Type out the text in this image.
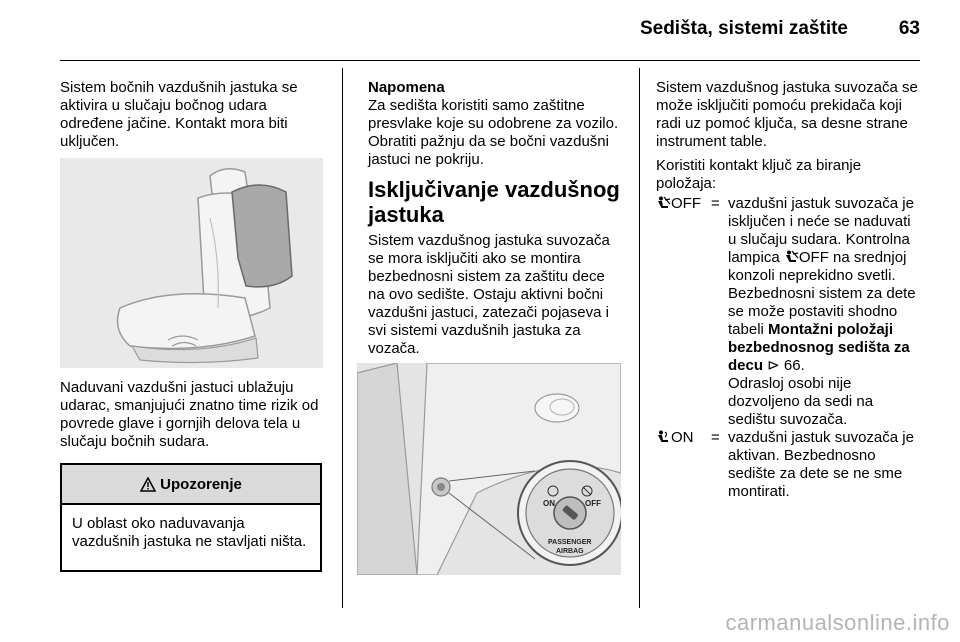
Sedišta, sistemi zaštite	63

Sistem bočnih vazdušnih jastuka se aktivira u slučaju bočnog udara određene jačine. Kontakt mora biti uključen.

Naduvani vazdušni jastuci ublažuju udarac, smanjujući znatno time rizik od povrede glave i gornjih delova tela u slučaju bočnih sudara.

Upozorenje
U oblast oko naduvavanja vazdušnih jastuka ne stavljati ništa.

Napomena

Za sedišta koristiti samo zaštitne presvlake koje su odobrene za vozilo. Obratiti pažnju da se bočni vazdušni jastuci ne pokriju.

Isključivanje vazdušnog jastuka

Sistem vazdušnog jastuka suvozača se mora isključiti ako se montira bezbednosni sistem za zaštitu dece na ovo sedište. Ostaju aktivni bočni vazdušni jastuci, zatezači pojaseva i svi sistemi vazdušnih jastuka za vozača.

ON	OFF
PASSENGER
AIRBAG

Sistem vazdušnog jastuka suvozača se može isključiti pomoću prekidača koji radi uz pomoć ključa, sa desne strane instrument table.

Koristiti kontakt ključ za biranje položaja:

OFF = vazdušni jastuk suvozača je isključen i neće se naduvati u slučaju sudara. Kontrolna lampica OFF na srednjoj konzoli neprekidno svetli. Bezbednosni sistem za dete se može postaviti shodno tabeli Montažni položaji bezbednosnog sedišta za decu ⊳ 66.
Odrasloj osobi nije dozvoljeno da sedi na sedištu suvozača.
ON	= vazdušni jastuk suvozača je aktivan. Bezbednosno sedište za dete se ne sme montirati.
carmanualsonline.info
